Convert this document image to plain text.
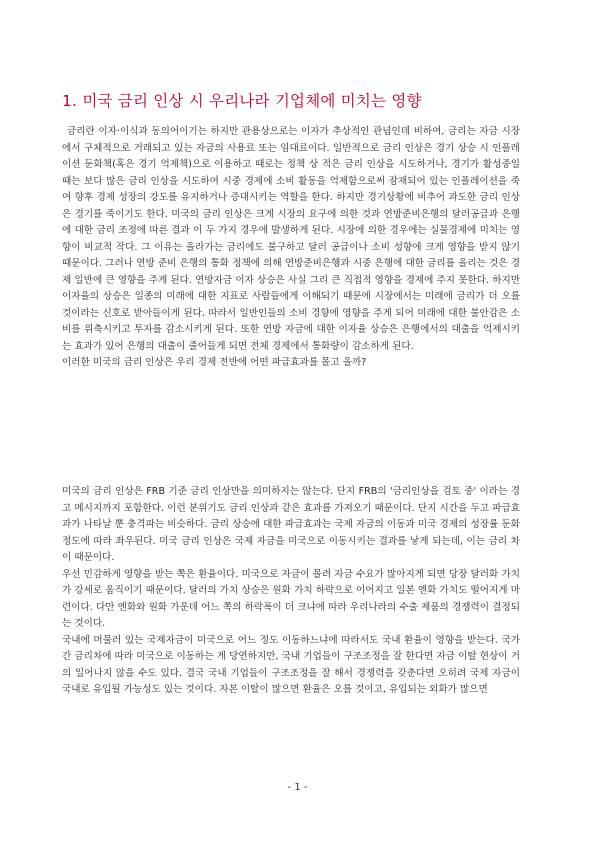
1. 미국 금리 인상 시 우리나라 기업체에 미치는 영향

금리란 이자·이식과 동의어이기는 하지만 관용상으로는 이자가 추상적인 관념인데 비하여, 금리는 자금 시장에서 구체적으로 거래되고 있는 자금의 사용료 또는 임대료이다. 일반적으로 금리 인상은 경기 상승 시 인플레이션 둔화책(혹은 경기 억제책)으로 이용하고 때로는 정책 상 적은 금리 인상을 시도하거나, 경기가 활성중일 때는 보다 많은 금리 인상을 시도하여 시중 경제에 소비 활동을 억제함으로써 잠재되어 있는 인플레이션을 죽여 향후 경제 성장의 강도를 유지하거나 증대시키는 역할을 한다. 하지만 경기상황에 비추어 과도한 금리 인상은 경기를 죽이기도 한다. 미국의 금리 인상은 크게 시장의 요구에 의한 것과 연방준비은행의 달러공급과 은행에 대한 금리 조정에 따른 결과 이 두 가지 경우에 발생하게 된다. 시장에 의한 경우에는 실물경제에 미치는 영향이 비교적 작다. 그 이유는 올라가는 금리에도 불구하고 달러 공급이나 소비 성향에 크게 영향을 받지 않기 때문이다. 그러나 연방 준비 은행의 통화 정책에 의해 연방준비은행과 시중 은행에 대한 금리를 올리는 것은 경제 일반에 큰 영향을 주게 된다. 연방자금 이자 상승은 사실 그리 큰 직접적 영향을 경제에 주지 못한다. 하지만 이자율의 상승은 일종의 미래에 대한 지표로 사람들에게 이해되기 때문에 시장에서는 미래에 금리가 더 오를 것이라는 신호로 받아들이게 된다. 따라서 일반인들의 소비 경향에 영향을 주게 되어 미래에 대한 불안감은 소비를 위축시키고 투자를 감소시키게 된다. 또한 연방 자금에 대한 이자율 상승은 은행에서의 대출을 억제시키는 효과가 있어 은행의 대출이 줄어들게 되면 전체 경제에서 통화량이 감소하게 된다.

이러한 미국의 금리 인상은 우리 경제 전반에 어떤 파급효과를 몰고 올까?

미국의 금리 인상은 FRB 기준 금리 인상만을 의미하지는 않는다. 단지 FRB의 '금리인상을 검토 중' 이라는 경고 메시지까지 포함한다. 이런 분위기도 금리 인상과 같은 효과를 가져오기 때문이다. 단지 시간을 두고 파급효과가 나타날 뿐 충격파는 비슷하다. 금리 상승에 대한 파급효과는 국제 자금의 이동과 미국 경제의 성장률 둔화 정도에 따라 좌우된다. 미국 금리 인상은 국제 자금을 미국으로 이동시키는 결과를 낳게 되는데, 이는 금리 차이 때문이다.

우선 민감하게 영향을 받는 쪽은 환율이다. 미국으로 자금이 몰려 자금 수요가 많아지게 되면 당장 달러화 가치가 강세로 움직이기 때문이다. 달러의 가치 상승은 원화 가치 하락으로 이어지고 일본 엔화 가치도 떨어지게 마련이다. 다만 엔화와 원화 가운데 어느 쪽의 하락폭이 더 크냐에 따라 우리나라의 수출 제품의 경쟁력이 결정되는 것이다.

국내에 머물러 있는 국제자금이 미국으로 어느 정도 이동하느냐에 따라서도 국내 환율이 영향을 받는다. 국가 간 금리차에 따라 미국으로 이동하는 게 당연하지만, 국내 기업들이 구조조정을 잘 한다면 자금 이탈 현상이 거의 일어나지 않을 수도 있다. 결국 국내 기업들이 구조조정을 잘 해서 경쟁력을 갖춘다면 오히려 국제 자금이 국내로 유입될 가능성도 있는 것이다. 자본 이탈이 많으면 환율은 오를 것이고, 유입되는 외화가 많으면

- 1 -
